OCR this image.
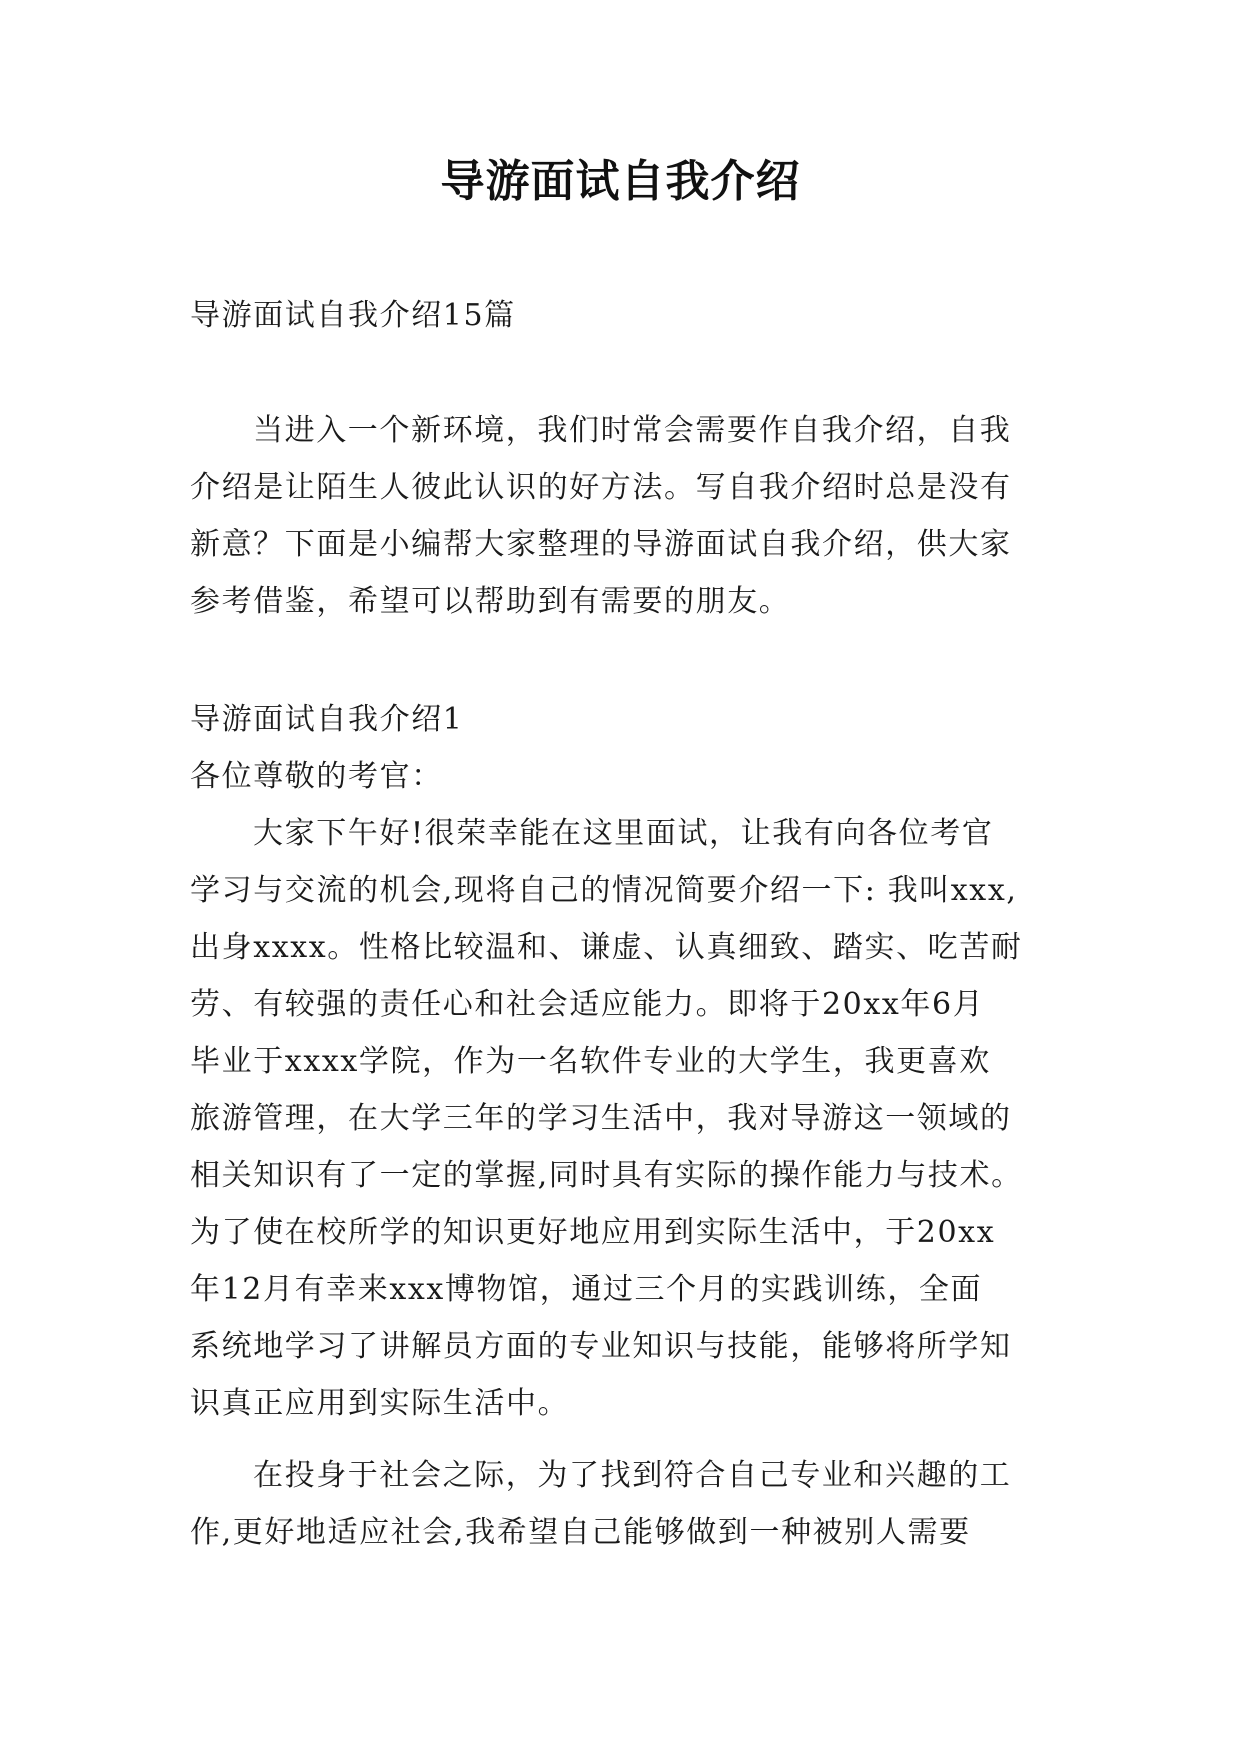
导游面试自我介绍
导游面试自我介绍15篇
当进入一个新环境，我们时常会需要作自我介绍，自我
介绍是让陌生人彼此认识的好方法。写自我介绍时总是没有
新意？下面是小编帮大家整理的导游面试自我介绍，供大家
参考借鉴，希望可以帮助到有需要的朋友。
导游面试自我介绍1
各位尊敬的考官：
大家下午好!很荣幸能在这里面试，让我有向各位考官
学习与交流的机会,现将自己的情况简要介绍一下: 我叫xxx,
出身xxxx。性格比较温和、谦虚、认真细致、踏实、吃苦耐
劳、有较强的责任心和社会适应能力。即将于20xx年6月
毕业于xxxx学院，作为一名软件专业的大学生，我更喜欢
旅游管理，在大学三年的学习生活中，我对导游这一领域的
相关知识有了一定的掌握,同时具有实际的操作能力与技术。
为了使在校所学的知识更好地应用到实际生活中，于20xx
年12月有幸来xxx博物馆，通过三个月的实践训练，全面
系统地学习了讲解员方面的专业知识与技能，能够将所学知
识真正应用到实际生活中。
在投身于社会之际，为了找到符合自己专业和兴趣的工
作,更好地适应社会,我希望自己能够做到一种被别人需要
